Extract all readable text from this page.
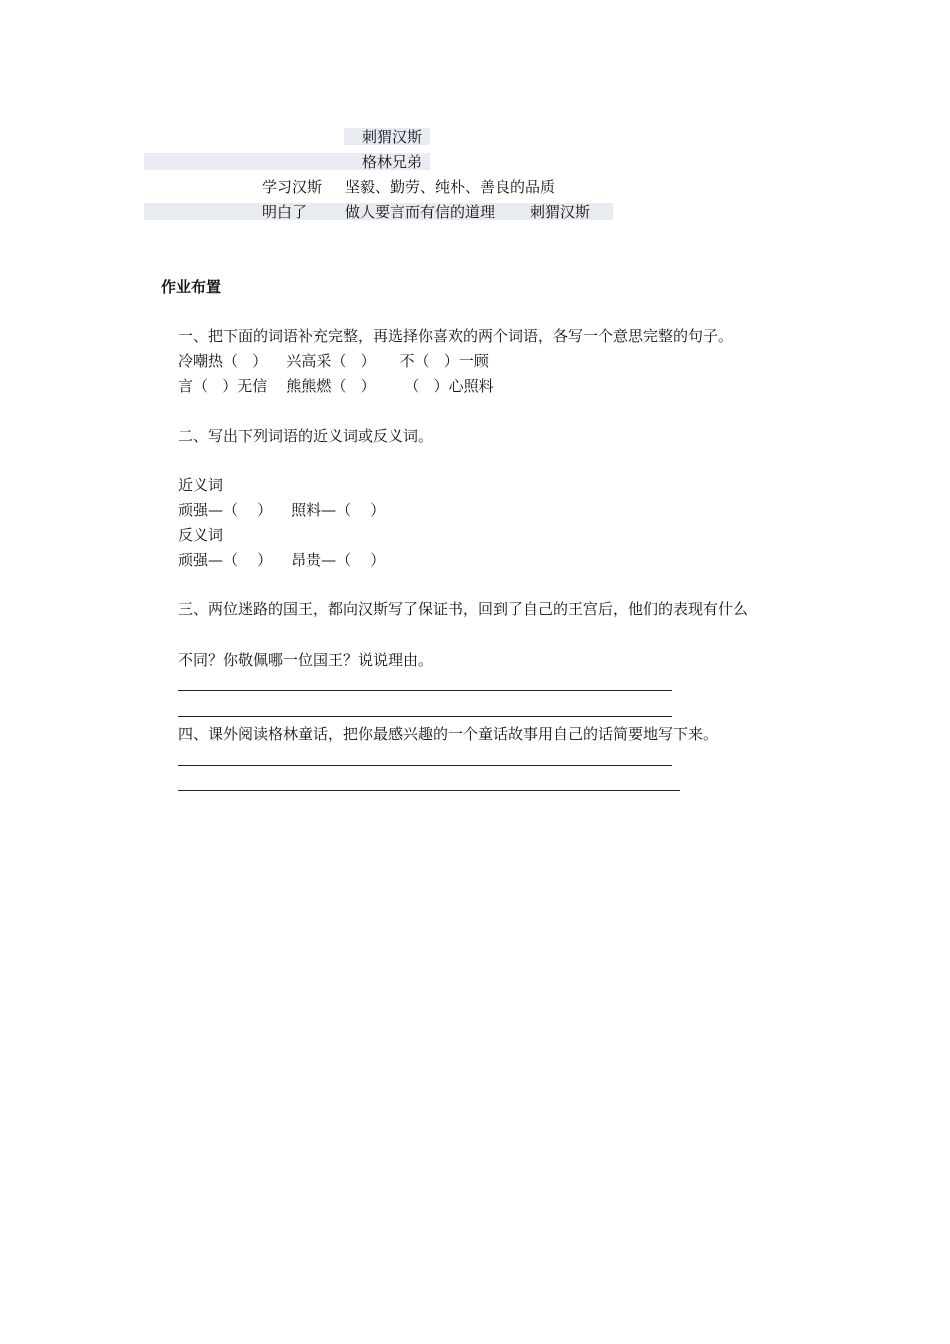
刺猬汉斯
格林兄弟
学习汉斯 坚毅、勤劳、纯朴、善良的品质
明白了	做人要言而有信的道理 刺猬汉斯
作业布置
一、把下面的词语补充完整，再选择你喜欢的两个词语，各写一个意思完整的句子。
冷嘲热（   ）    兴高采（   ）     不（   ）一顾
言（   ）无信    熊熊燃（   ）      （   ）心照料
二、写出下列词语的近义词或反义词。
近义词
顽强—（    ）    照料—（    ）
反义词
顽强—（    ）    昂贵—（    ）
三、两位迷路的国王，都向汉斯写了保证书，回到了自己的王宫后，他们的表现有什么
不同？你敬佩哪一位国王？说说理由。
四、课外阅读格林童话，把你最感兴趣的一个童话故事用自己的话简要地写下来。
